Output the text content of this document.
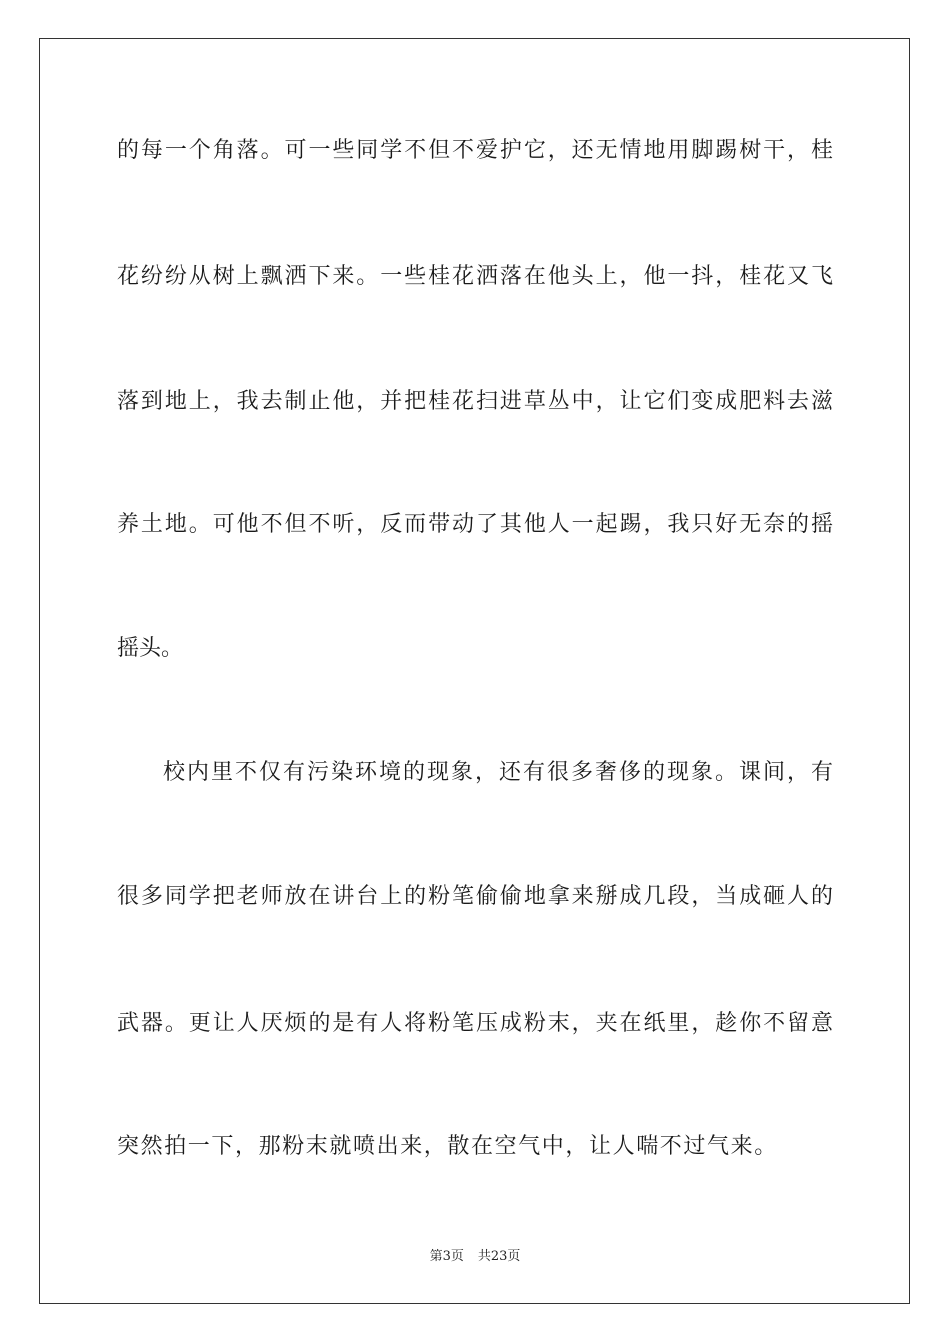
的每一个角落。可一些同学不但不爱护它，还无情地用脚踢树干，桂
花纷纷从树上飘洒下来。一些桂花洒落在他头上，他一抖，桂花又飞
落到地上，我去制止他，并把桂花扫进草丛中，让它们变成肥料去滋
养土地。可他不但不听，反而带动了其他人一起踢，我只好无奈的摇
摇头。
校内里不仅有污染环境的现象，还有很多奢侈的现象。课间，有
很多同学把老师放在讲台上的粉笔偷偷地拿来掰成几段，当成砸人的
武器。更让人厌烦的是有人将粉笔压成粉末，夹在纸里，趁你不留意
突然拍一下，那粉末就喷出来，散在空气中，让人喘不过气来。
第3页 共23页
